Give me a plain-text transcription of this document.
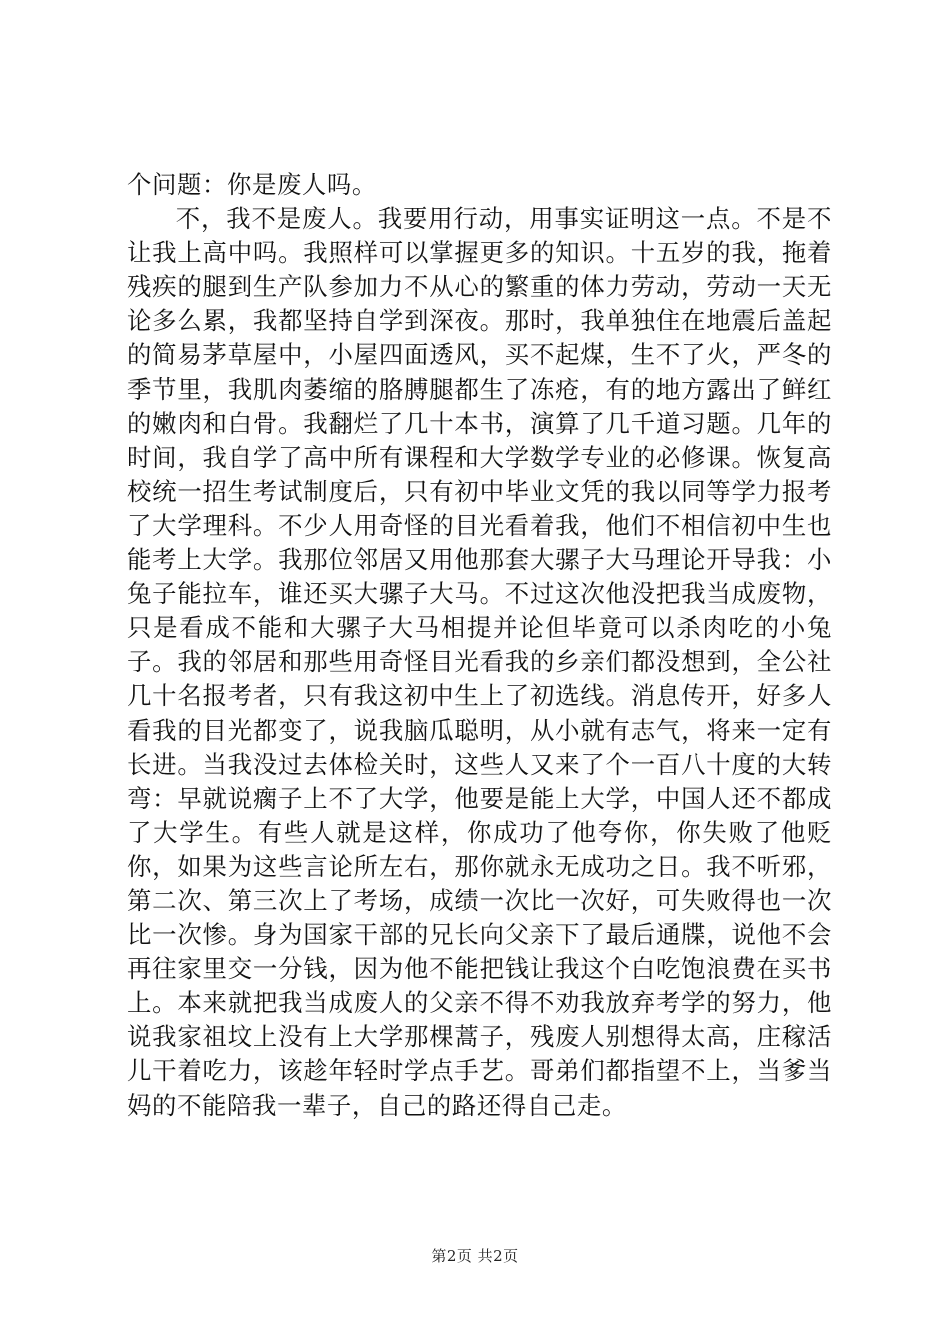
个问题：你是废人吗。

不，我不是废人。我要用行动，用事实证明这一点。不是不让我上高中吗。我照样可以掌握更多的知识。十五岁的我，拖着残疾的腿到生产队参加力不从心的繁重的体力劳动，劳动一天无论多么累，我都坚持自学到深夜。那时，我单独住在地震后盖起的简易茅草屋中，小屋四面透风，买不起煤，生不了火，严冬的季节里，我肌肉萎缩的胳膊腿都生了冻疮，有的地方露出了鲜红的嫩肉和白骨。我翻烂了几十本书，演算了几千道习题。几年的时间，我自学了高中所有课程和大学数学专业的必修课。恢复高校统一招生考试制度后，只有初中毕业文凭的我以同等学力报考了大学理科。不少人用奇怪的目光看着我，他们不相信初中生也能考上大学。我那位邻居又用他那套大骡子大马理论开导我：小兔子能拉车，谁还买大骡子大马。不过这次他没把我当成废物，只是看成不能和大骡子大马相提并论但毕竟可以杀肉吃的小兔子。我的邻居和那些用奇怪目光看我的乡亲们都没想到，全公社几十名报考者，只有我这初中生上了初选线。消息传开，好多人看我的目光都变了，说我脑瓜聪明，从小就有志气，将来一定有长进。当我没过去体检关时，这些人又来了个一百八十度的大转弯：早就说瘸子上不了大学，他要是能上大学，中国人还不都成了大学生。有些人就是这样，你成功了他夸你，你失败了他贬你，如果为这些言论所左右，那你就永无成功之日。我不听邪，第二次、第三次上了考场，成绩一次比一次好，可失败得也一次比一次惨。身为国家干部的兄长向父亲下了最后通牒，说他不会再往家里交一分钱，因为他不能把钱让我这个白吃饱浪费在买书上。本来就把我当成废人的父亲不得不劝我放弃考学的努力，他说我家祖坟上没有上大学那棵蒿子，残废人别想得太高，庄稼活儿干着吃力，该趁年轻时学点手艺。哥弟们都指望不上，当爹当妈的不能陪我一辈子，自己的路还得自己走。

第2页 共2页
